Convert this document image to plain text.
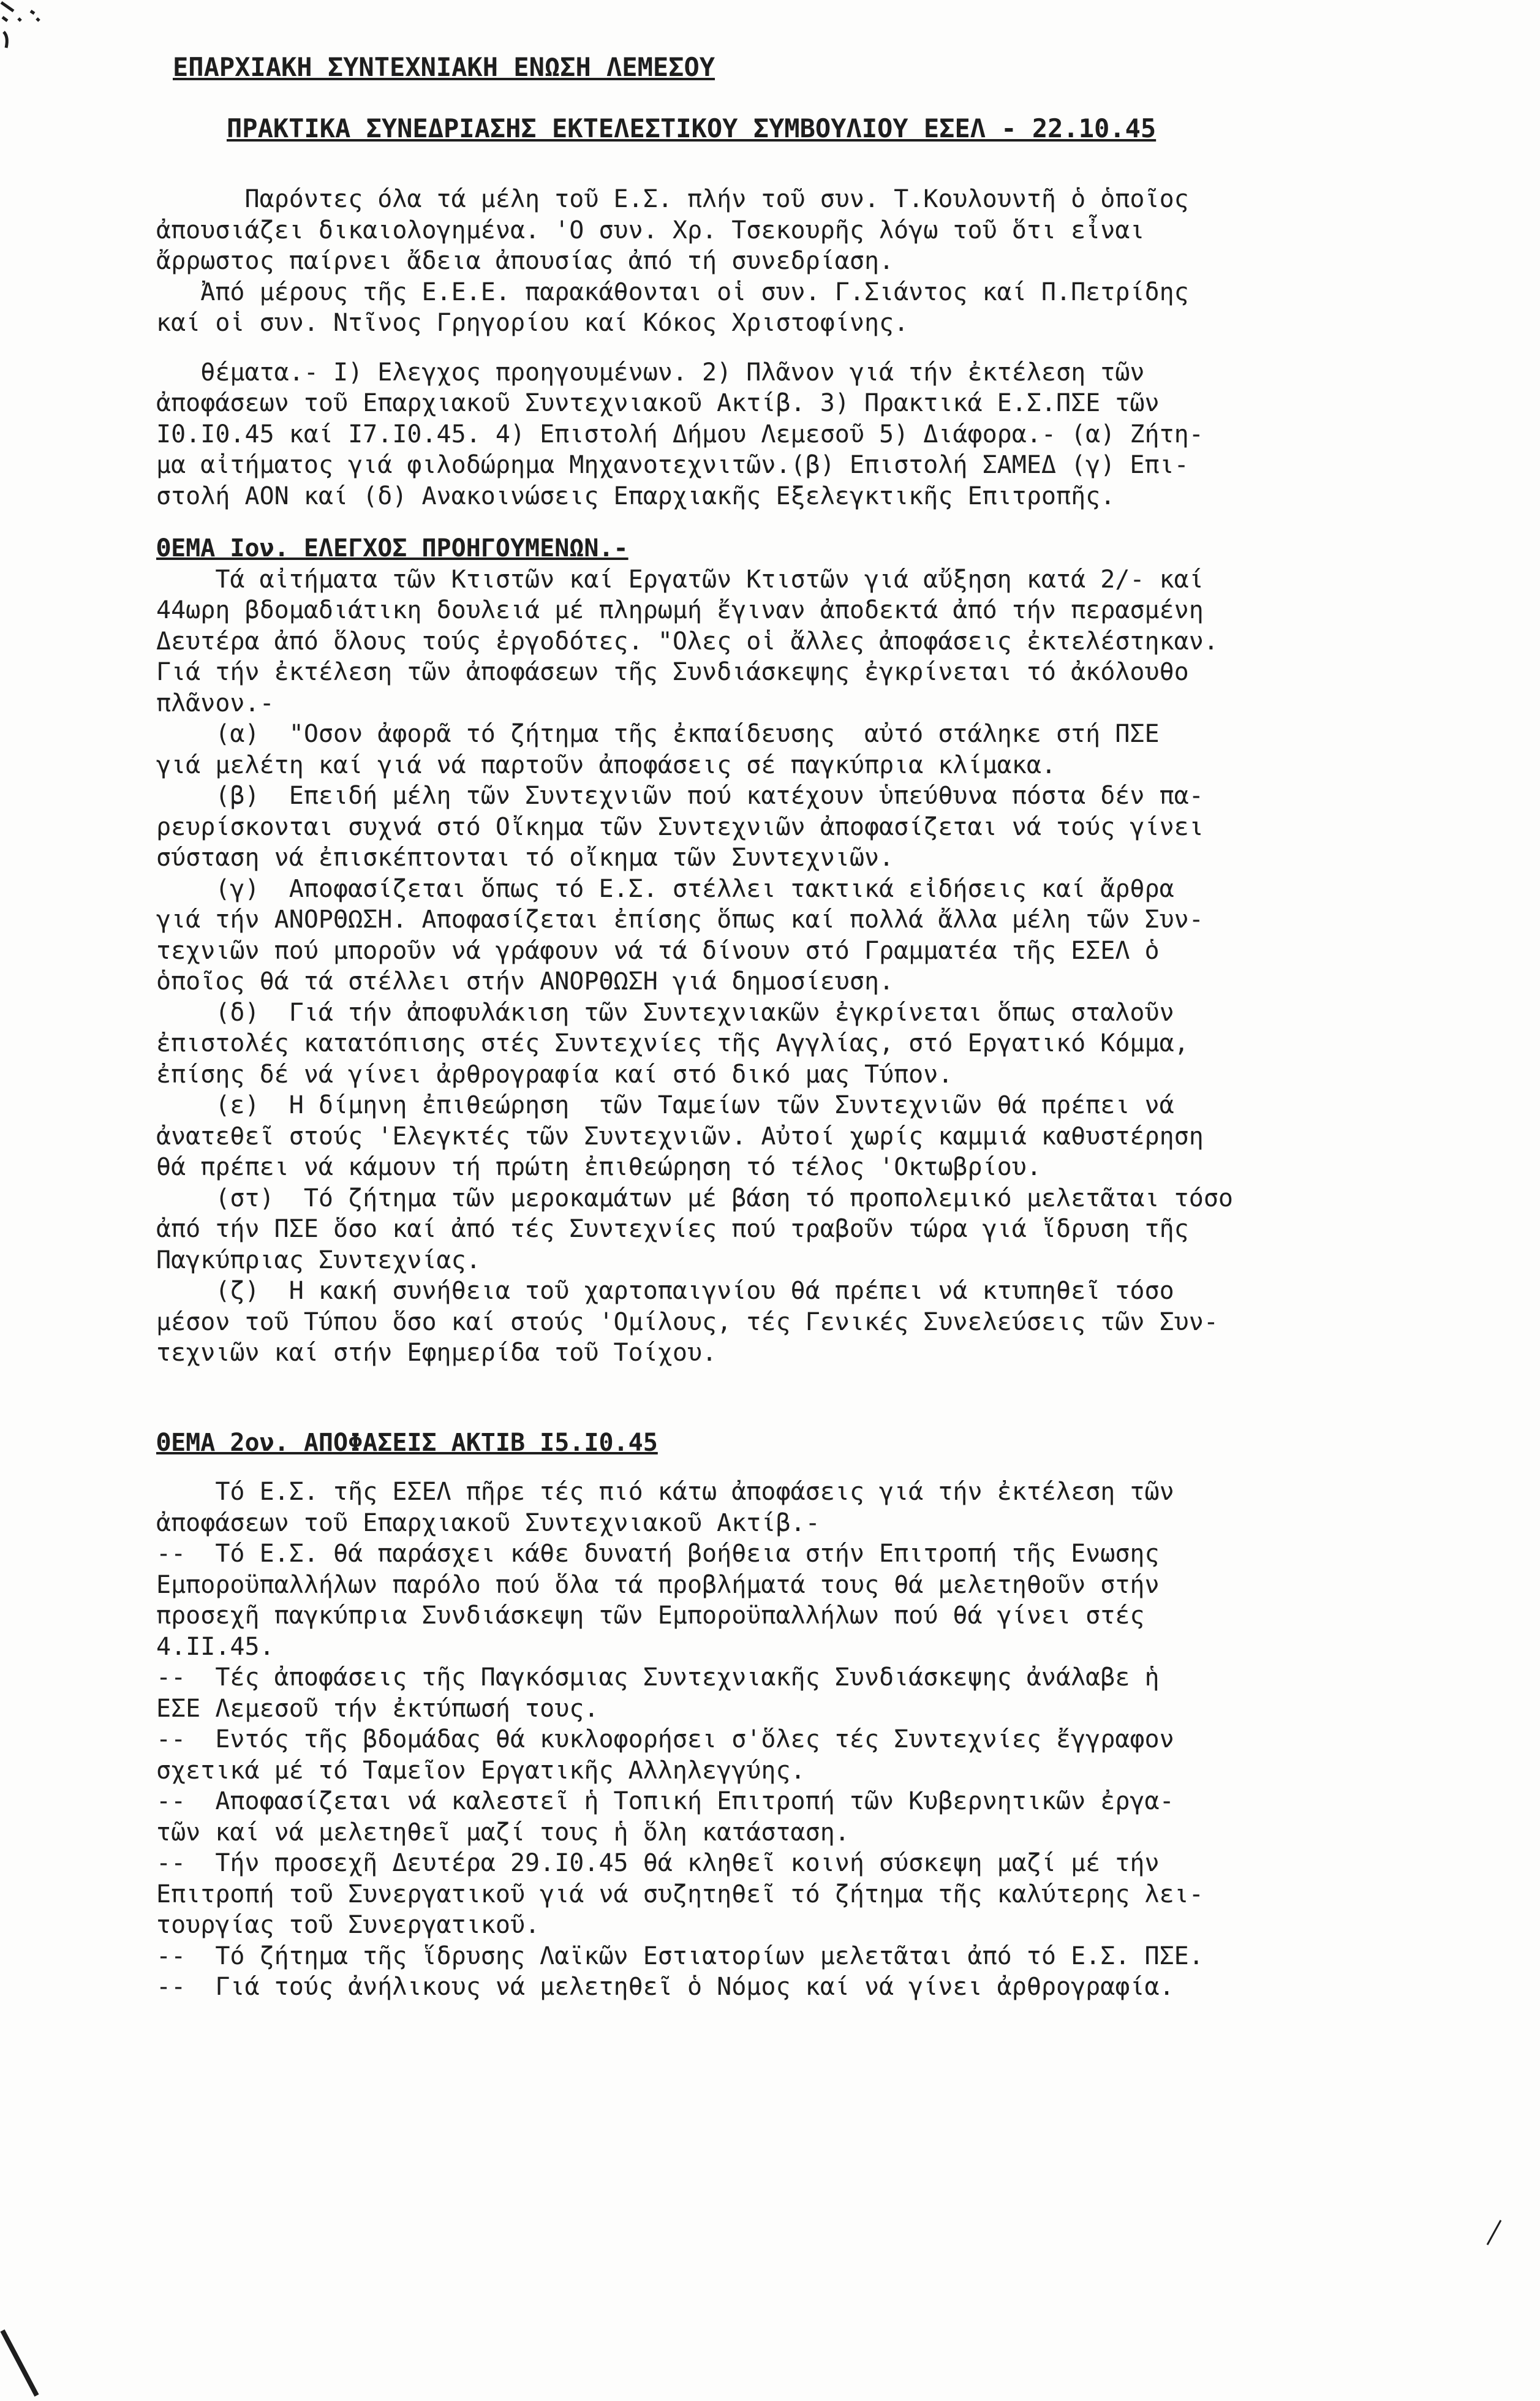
ΕΠΑΡΧΙΑΚΗ ΣΥΝΤΕΧΝΙΑΚΗ ΕΝΩΣΗ ΛΕΜΕΣΟΥ
ΠΡΑΚΤΙΚΑ ΣΥΝΕΔΡΙΑΣΗΣ ΕΚΤΕΛΕΣΤΙΚΟΥ ΣΥΜΒΟΥΛΙΟΥ ΕΣΕΛ - 22.10.45
Παρόντες όλα τά μέλη τοῦ Ε.Σ. πλήν τοῦ συν. Τ.Κουλουντῆ ὁ ὁποῖος
ἀπουσιάζει δικαιολογημένα. 'Ο συν. Χρ. Τσεκουρῆς λόγω τοῦ ὅτι εἶναι
ἄρρωστος παίρνει ἄδεια ἀπουσίας ἀπό τή συνεδρίαση.
Ἀπό μέρους τῆς Ε.Ε.Ε. παρακάθονται οἱ συν. Γ.Σιάντος καί Π.Πετρίδης
καί οἱ συν. Ντῖνος Γρηγορίου καί Κόκος Χριστοφίνης.
θέματα.- Ι) Ελεγχος προηγουμένων. 2) Πλᾶνον γιά τήν ἐκτέλεση τῶν
ἀποφάσεων τοῦ Επαρχιακοῦ Συντεχνιακοῦ Ακτίβ. 3) Πρακτικά Ε.Σ.ΠΣΕ τῶν
Ι0.Ι0.45 καί Ι7.Ι0.45. 4) Επιστολή Δήμου Λεμεσοῦ 5) Διάφορα.- (α) Ζήτη-
μα αἰτήματος γιά φιλοδώρημα Μηχανοτεχνιτῶν.(β) Επιστολή ΣΑΜΕΔ (γ) Επι-
στολή ΑΟΝ καί (δ) Ανακοινώσεις Επαρχιακῆς Εξελεγκτικῆς Επιτροπῆς.
ΘΕΜΑ Ιον. ΕΛΕΓΧΟΣ ΠΡΟΗΓΟΥΜΕΝΩΝ.-
Τά αἰτήματα τῶν Κτιστῶν καί Εργατῶν Κτιστῶν γιά αὔξηση κατά 2/- καί
44ωρη βδομαδιάτικη δουλειά μέ πληρωμή ἔγιναν ἀποδεκτά ἀπό τήν περασμένη
Δευτέρα ἀπό ὅλους τούς ἐργοδότες. "Ολες οἱ ἄλλες ἀποφάσεις ἐκτελέστηκαν.
Γιά τήν ἐκτέλεση τῶν ἀποφάσεων τῆς Συνδιάσκεψης ἐγκρίνεται τό ἀκόλουθο
πλᾶνον.-
(α)  "Οσον ἀφορᾶ τό ζήτημα τῆς ἐκπαίδευσης  αὐτό στάληκε στή ΠΣΕ
γιά μελέτη καί γιά νά παρτοῦν ἀποφάσεις σέ παγκύπρια κλίμακα.
(β)  Επειδή μέλη τῶν Συντεχνιῶν πού κατέχουν ὑπεύθυνα πόστα δέν πα-
ρευρίσκονται συχνά στό Οἴκημα τῶν Συντεχνιῶν ἀποφασίζεται νά τούς γίνει
σύσταση νά ἐπισκέπτονται τό οἴκημα τῶν Συντεχνιῶν.
(γ)  Αποφασίζεται ὅπως τό Ε.Σ. στέλλει τακτικά εἰδήσεις καί ἄρθρα
γιά τήν ΑΝΟΡΘΩΣΗ. Αποφασίζεται ἐπίσης ὅπως καί πολλά ἄλλα μέλη τῶν Συν-
τεχνιῶν πού μποροῦν νά γράφουν νά τά δίνουν στό Γραμματέα τῆς ΕΣΕΛ ὁ
ὁποῖος θά τά στέλλει στήν ΑΝΟΡΘΩΣΗ γιά δημοσίευση.
(δ)  Γιά τήν ἀποφυλάκιση τῶν Συντεχνιακῶν ἐγκρίνεται ὅπως σταλοῦν
ἐπιστολές κατατόπισης στές Συντεχνίες τῆς Αγγλίας, στό Εργατικό Κόμμα,
ἐπίσης δέ νά γίνει ἀρθρογραφία καί στό δικό μας Τύπον.
(ε)  Η δίμηνη ἐπιθεώρηση  τῶν Ταμείων τῶν Συντεχνιῶν θά πρέπει νά
ἀνατεθεῖ στούς 'Ελεγκτές τῶν Συντεχνιῶν. Αὐτοί χωρίς καμμιά καθυστέρηση
θά πρέπει νά κάμουν τή πρώτη ἐπιθεώρηση τό τέλος 'Οκτωβρίου.
(στ)  Τό ζήτημα τῶν μεροκαμάτων μέ βάση τό προπολεμικό μελετᾶται τόσο
ἀπό τήν ΠΣΕ ὅσο καί ἀπό τές Συντεχνίες πού τραβοῦν τώρα γιά ἵδρυση τῆς
Παγκύπριας Συντεχνίας.
(ζ)  Η κακή συνήθεια τοῦ χαρτοπαιγνίου θά πρέπει νά κτυπηθεῖ τόσο
μέσον τοῦ Τύπου ὅσο καί στούς 'Ομίλους, τές Γενικές Συνελεύσεις τῶν Συν-
τεχνιῶν καί στήν Εφημερίδα τοῦ Τοίχου.
ΘΕΜΑ 2ον. ΑΠΟΦΑΣΕΙΣ ΑΚΤΙΒ Ι5.Ι0.45
Τό Ε.Σ. τῆς ΕΣΕΛ πῆρε τές πιό κάτω ἀποφάσεις γιά τήν ἐκτέλεση τῶν
ἀποφάσεων τοῦ Επαρχιακοῦ Συντεχνιακοῦ Ακτίβ.-
--  Τό Ε.Σ. θά παράσχει κάθε δυνατή βοήθεια στήν Επιτροπή τῆς Ενωσης
Εμποροϋπαλλήλων παρόλο πού ὅλα τά προβλήματά τους θά μελετηθοῦν στήν
προσεχῆ παγκύπρια Συνδιάσκεψη τῶν Εμποροϋπαλλήλων πού θά γίνει στές
4.ΙΙ.45.
--  Τές ἀποφάσεις τῆς Παγκόσμιας Συντεχνιακῆς Συνδιάσκεψης ἀνάλαβε ἡ
ΕΣΕ Λεμεσοῦ τήν ἐκτύπωσή τους.
--  Εντός τῆς βδομάδας θά κυκλοφορήσει σ'ὅλες τές Συντεχνίες ἔγγραφον
σχετικά μέ τό Ταμεῖον Εργατικῆς Αλληλεγγύης.
--  Αποφασίζεται νά καλεστεῖ ἡ Τοπική Επιτροπή τῶν Κυβερνητικῶν ἐργα-
τῶν καί νά μελετηθεῖ μαζί τους ἡ ὅλη κατάσταση.
--  Τήν προσεχῆ Δευτέρα 29.Ι0.45 θά κληθεῖ κοινή σύσκεψη μαζί μέ τήν
Επιτροπή τοῦ Συνεργατικοῦ γιά νά συζητηθεῖ τό ζήτημα τῆς καλύτερης λει-
τουργίας τοῦ Συνεργατικοῦ.
--  Τό ζήτημα τῆς ἵδρυσης Λαϊκῶν Εστιατορίων μελετᾶται ἀπό τό Ε.Σ. ΠΣΕ.
--  Γιά τούς ἀνήλικους νά μελετηθεῖ ὁ Νόμος καί νά γίνει ἀρθρογραφία.
